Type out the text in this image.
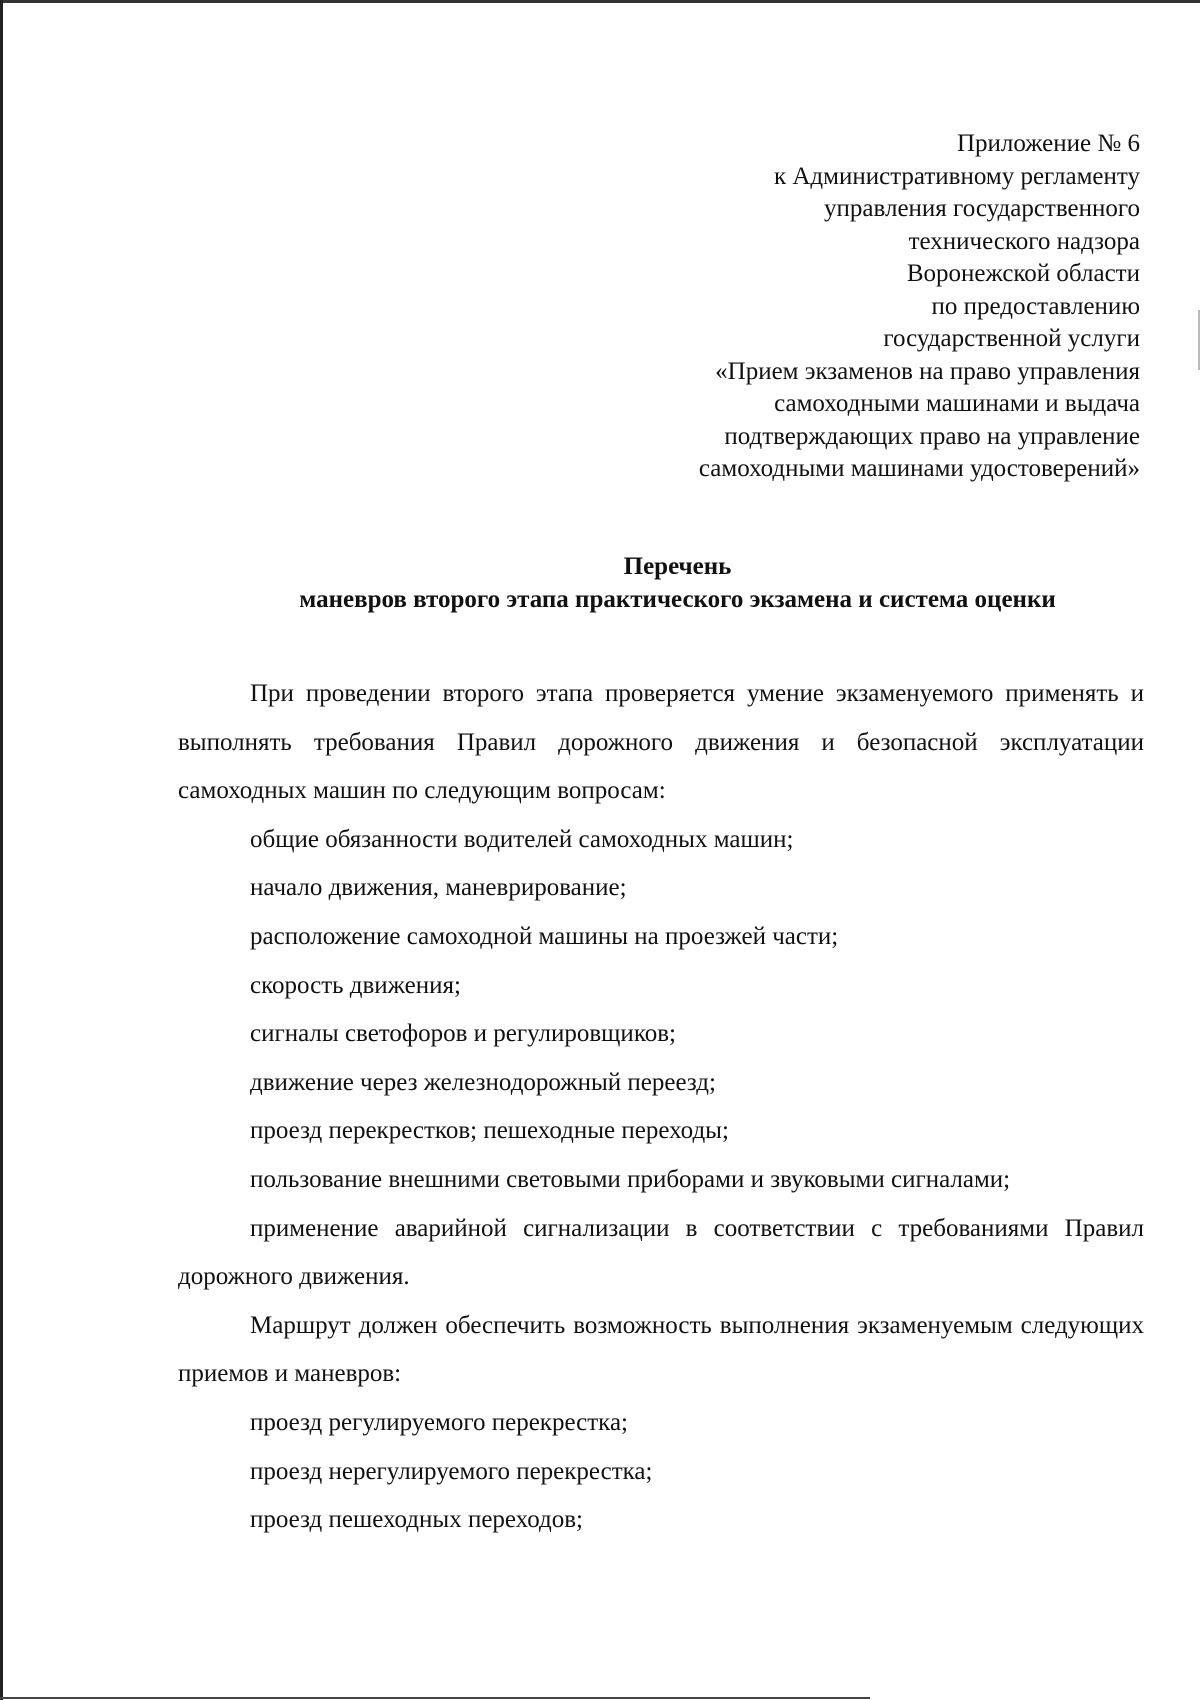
Приложение № 6
к Административному регламенту
управления государственного
технического надзора
Воронежской области
по предоставлению
государственной услуги
«Прием экзаменов на право управления
самоходными машинами и выдача
подтверждающих право на управление
самоходными машинами удостоверений»
Перечень
маневров второго этапа практического экзамена и система оценки

При проведении второго этапа проверяется умение экзаменуемого применять и выполнять требования Правил дорожного движения и безопасной эксплуатации самоходных машин по следующим вопросам:

общие обязанности водителей самоходных машин;

начало движения, маневрирование;

расположение самоходной машины на проезжей части;

скорость движения;

сигналы светофоров и регулировщиков;

движение через железнодорожный переезд;

проезд перекрестков; пешеходные переходы;

пользование внешними световыми приборами и звуковыми сигналами;

применение аварийной сигнализации в соответствии с требованиями Правил дорожного движения.

Маршрут должен обеспечить возможность выполнения экзаменуемым следующих приемов и маневров:

проезд регулируемого перекрестка;

проезд нерегулируемого перекрестка;

проезд пешеходных переходов;
